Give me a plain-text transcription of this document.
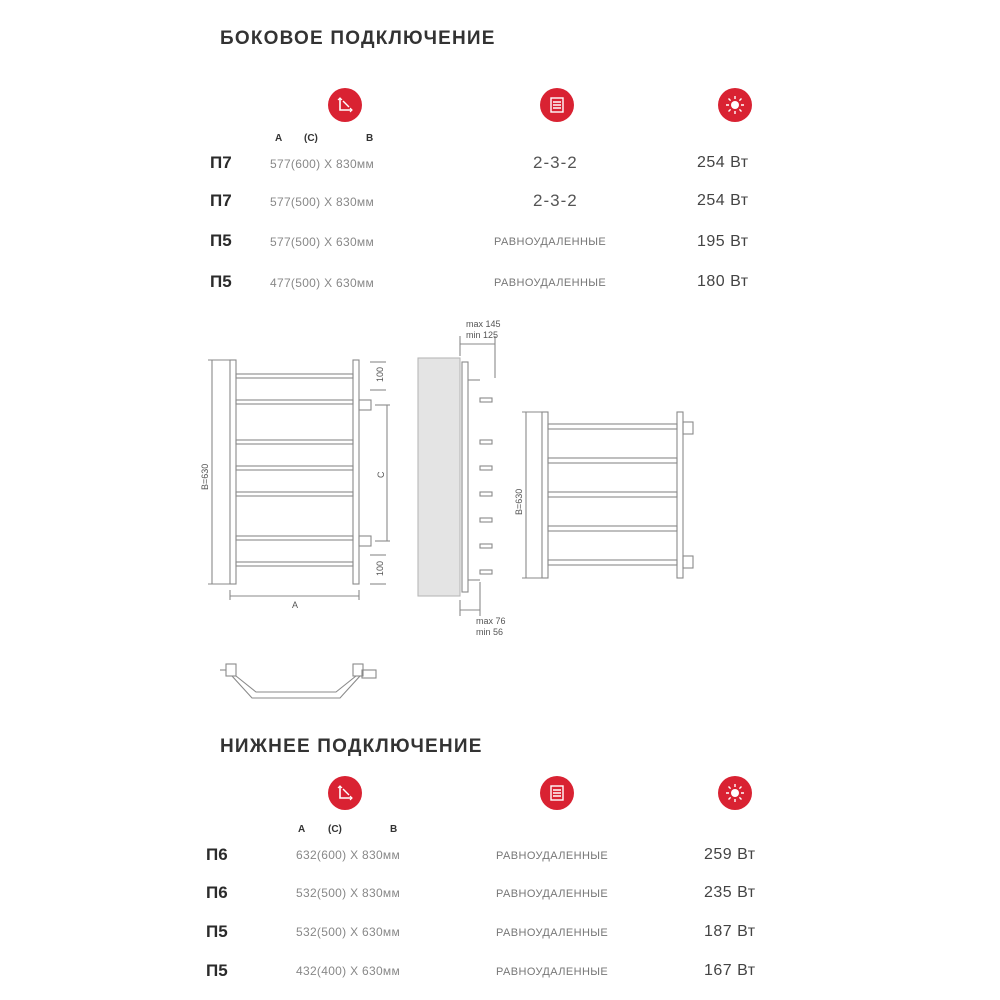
БОКОВОЕ ПОДКЛЮЧЕНИЕ
А (С)	В
П7	577(600) Х 830мм	2-3-2	254 Вт
П7	577(500) Х 830мм	2-3-2	254 Вт
П5	577(500) Х 630мм	РАВНОУДАЛЕННЫЕ	195 Вт
П5	477(500) Х 630мм	РАВНОУДАЛЕННЫЕ	180 Вт
В=630
А
С
100
100
max 145
min 125
max 76
min 56
В=630
НИЖНЕЕ ПОДКЛЮЧЕНИЕ
А (С)	В
П6	632(600) Х 830мм	РАВНОУДАЛЕННЫЕ	259 Вт
П6	532(500) Х 830мм	РАВНОУДАЛЕННЫЕ	235 Вт
П5	532(500) Х 630мм	РАВНОУДАЛЕННЫЕ	187 Вт
П5	432(400) Х 630мм	РАВНОУДАЛЕННЫЕ	167 Вт
